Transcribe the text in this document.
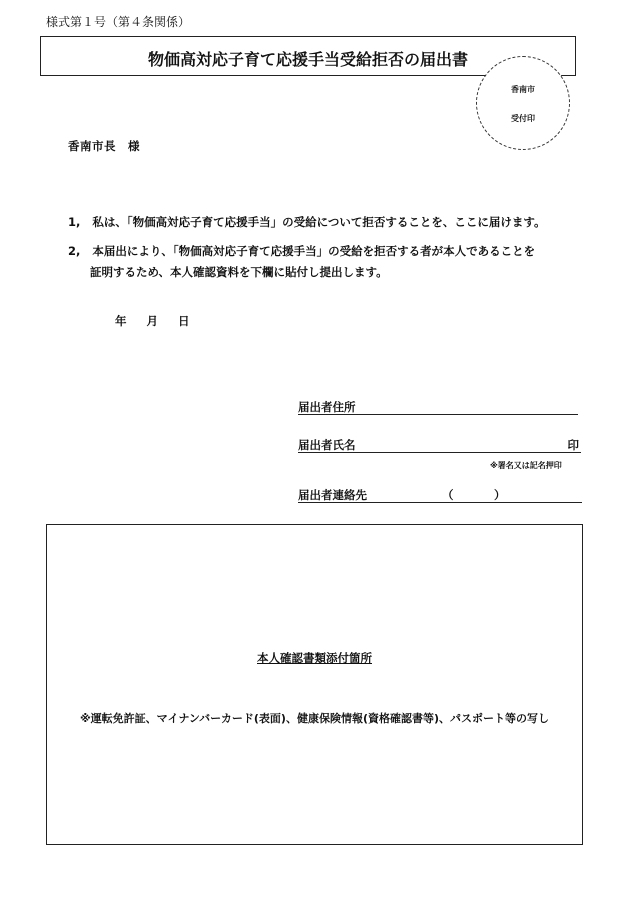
様式第１号（第４条関係）
物価高対応子育て応援手当受給拒否の届出書
香南市
受付印
香南市長　様
1, 私は、「物価高対応子育て応援手当」の受給について拒否することを、ここに届けます。
2, 本届出により、「物価高対応子育て応援手当」の受給を拒否する者が本人であることを
証明するため、本人確認資料を下欄に貼付し提出します。
年 月 日
届出者住所
届出者氏名	印
※署名又は記名押印
届出者連絡先	（	）
本人確認書類添付箇所
※運転免許証、マイナンバーカード(表面)、健康保険情報(資格確認書等)、パスポート等の写し
